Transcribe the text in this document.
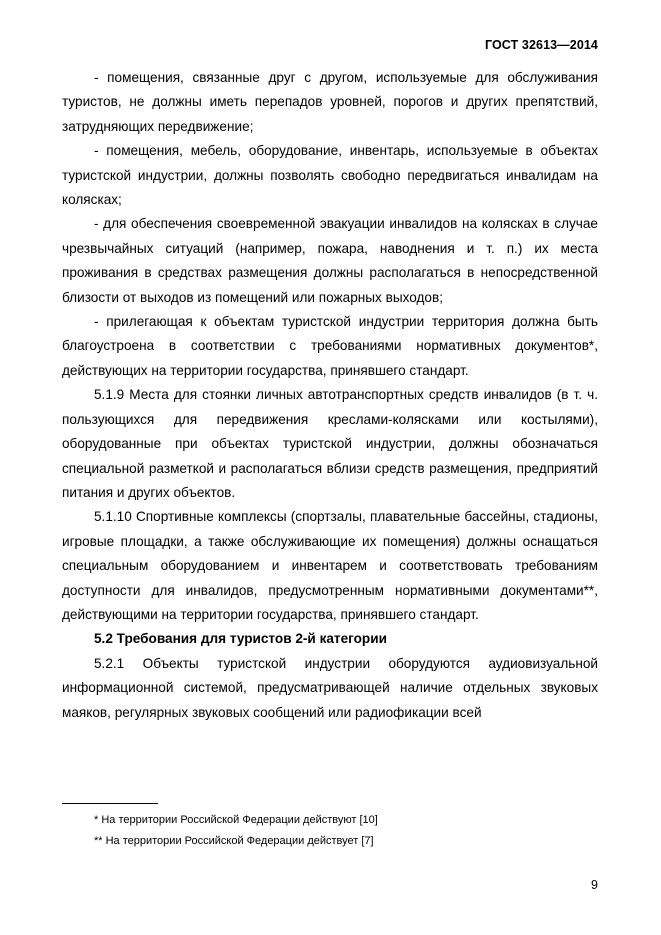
ГОСТ 32613—2014

- помещения, связанные друг с другом, используемые для обслуживания туристов, не должны иметь перепадов уровней, порогов и других препятствий, затрудняющих передвижение;

- помещения, мебель, оборудование, инвентарь, используемые в объектах туристской индустрии, должны позволять свободно передвигаться инвалидам на колясках;

- для обеспечения своевременной эвакуации инвалидов на колясках в случае чрезвычайных ситуаций (например, пожара, наводнения и т. п.) их места проживания в средствах размещения должны располагаться в непосредственной близости от выходов из помещений или пожарных выходов;

- прилегающая к объектам туристской индустрии территория должна быть благоустроена в соответствии с требованиями нормативных документов*, действующих на территории государства, принявшего стандарт.

5.1.9 Места для стоянки личных автотранспортных средств инвалидов (в т. ч. пользующихся для передвижения креслами-колясками или костылями), оборудованные при объектах туристской индустрии, должны обозначаться специальной разметкой и располагаться вблизи средств размещения, предприятий питания и других объектов.

5.1.10 Спортивные комплексы (спортзалы, плавательные бассейны, стадионы, игровые площадки, а также обслуживающие их помещения) должны оснащаться специальным оборудованием и инвентарем и соответствовать требованиям доступности для инвалидов, предусмотренным нормативными документами**, действующими на территории государства, принявшего стандарт.

5.2 Требования для туристов 2-й категории

5.2.1 Объекты туристской индустрии оборудуются аудиовизуальной информационной системой, предусматривающей наличие отдельных звуковых маяков, регулярных звуковых сообщений или радиофикации всей

* На территории Российской Федерации действуют [10]

** На территории Российской Федерации действует [7]

9
